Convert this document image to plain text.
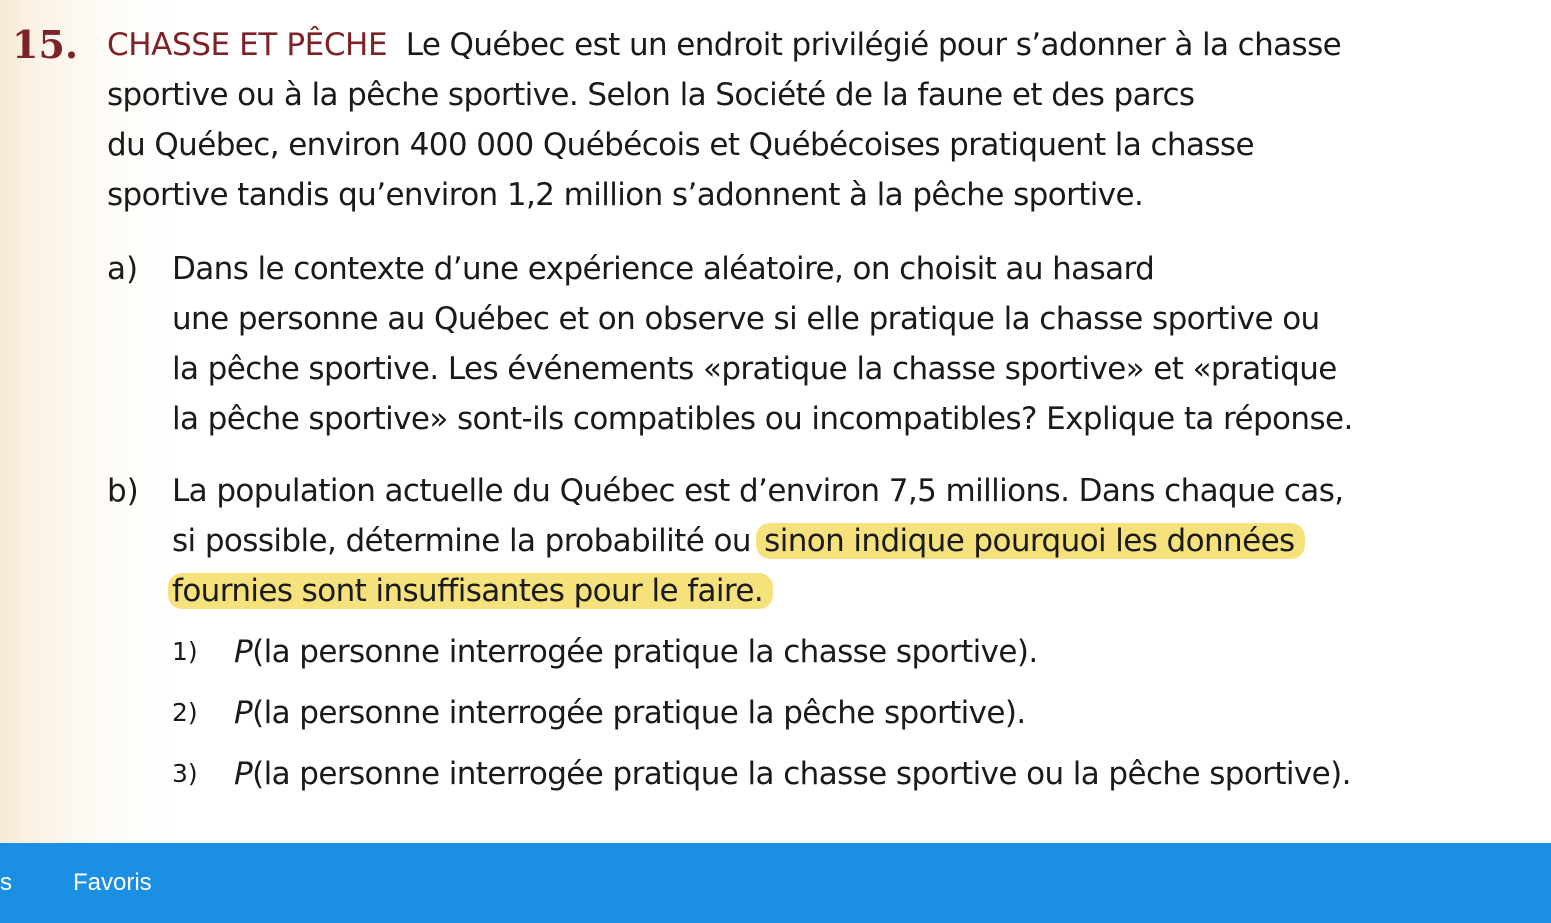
15. CHASSE ET PÊCHE Le Québec est un endroit privilégié pour s’adonner à la chasse
sportive ou à la pêche sportive. Selon la Société de la faune et des parcs
du Québec, environ 400 000 Québécois et Québécoises pratiquent la chasse
sportive tandis qu’environ 1,2 million s’adonnent à la pêche sportive.
a) Dans le contexte d’une expérience aléatoire, on choisit au hasard
une personne au Québec et on observe si elle pratique la chasse sportive ou
la pêche sportive. Les événements «pratique la chasse sportive» et «pratique
la pêche sportive» sont-ils compatibles ou incompatibles? Explique ta réponse.
b) La population actuelle du Québec est d’environ 7,5 millions. Dans chaque cas,
si possible, détermine la probabilité ou sinon indique pourquoi les données
fournies sont insuffisantes pour le faire.
1) P(la personne interrogée pratique la chasse sportive).
2) P(la personne interrogée pratique la pêche sportive).
3) P(la personne interrogée pratique la chasse sportive ou la pêche sportive).
s	Favoris
